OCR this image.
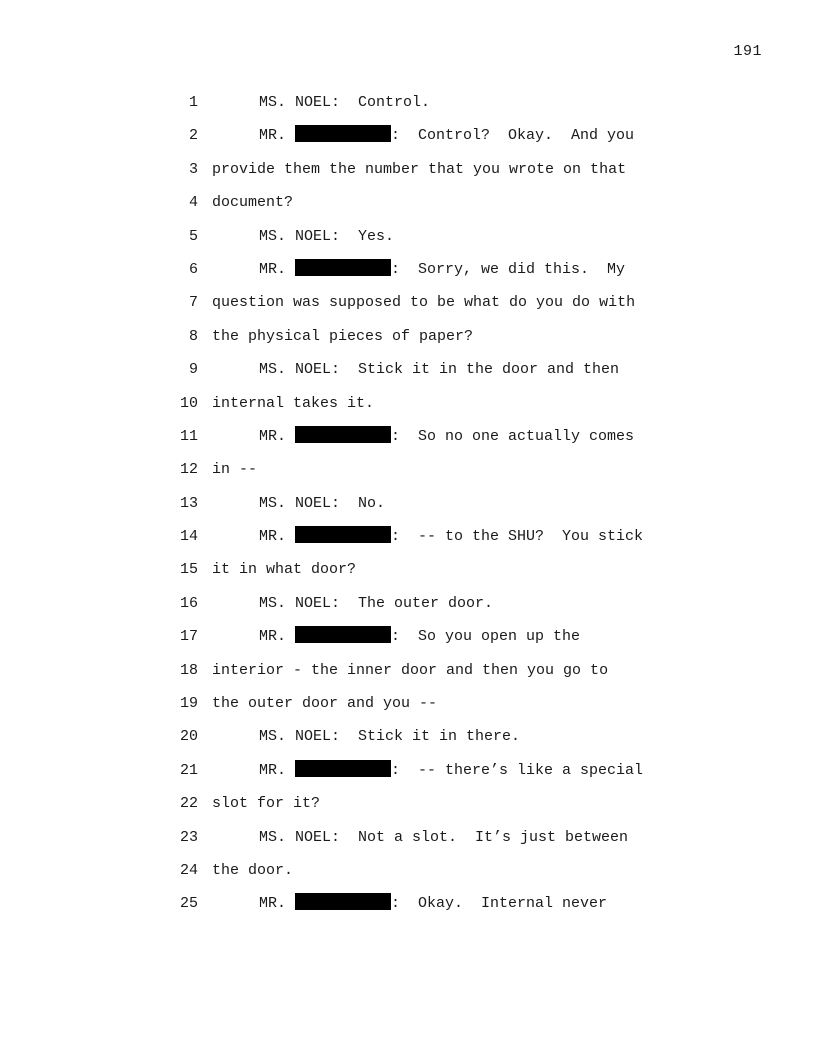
191
1	MS. NOEL:  Control.
2	MR.	:  Control?  Okay.  And you
3 provide them the number that you wrote on that
4 document?
5	MS. NOEL:  Yes.
6	MR.	:  Sorry, we did this.  My
7 question was supposed to be what do you do with
8 the physical pieces of paper?
9	MS. NOEL:  Stick it in the door and then
10 internal takes it.
11	MR.	:  So no one actually comes
12 in --
13	MS. NOEL:  No.
14	MR.	:  -- to the SHU?  You stick
15 it in what door?
16	MS. NOEL:  The outer door.
17	MR.	:  So you open up the
18 interior - the inner door and then you go to
19 the outer door and you --
20	MS. NOEL:  Stick it in there.
21	MR.	:  -- there’s like a special
22 slot for it?
23	MS. NOEL:  Not a slot.  It’s just between
24 the door.
25	MR.	:  Okay.  Internal never
